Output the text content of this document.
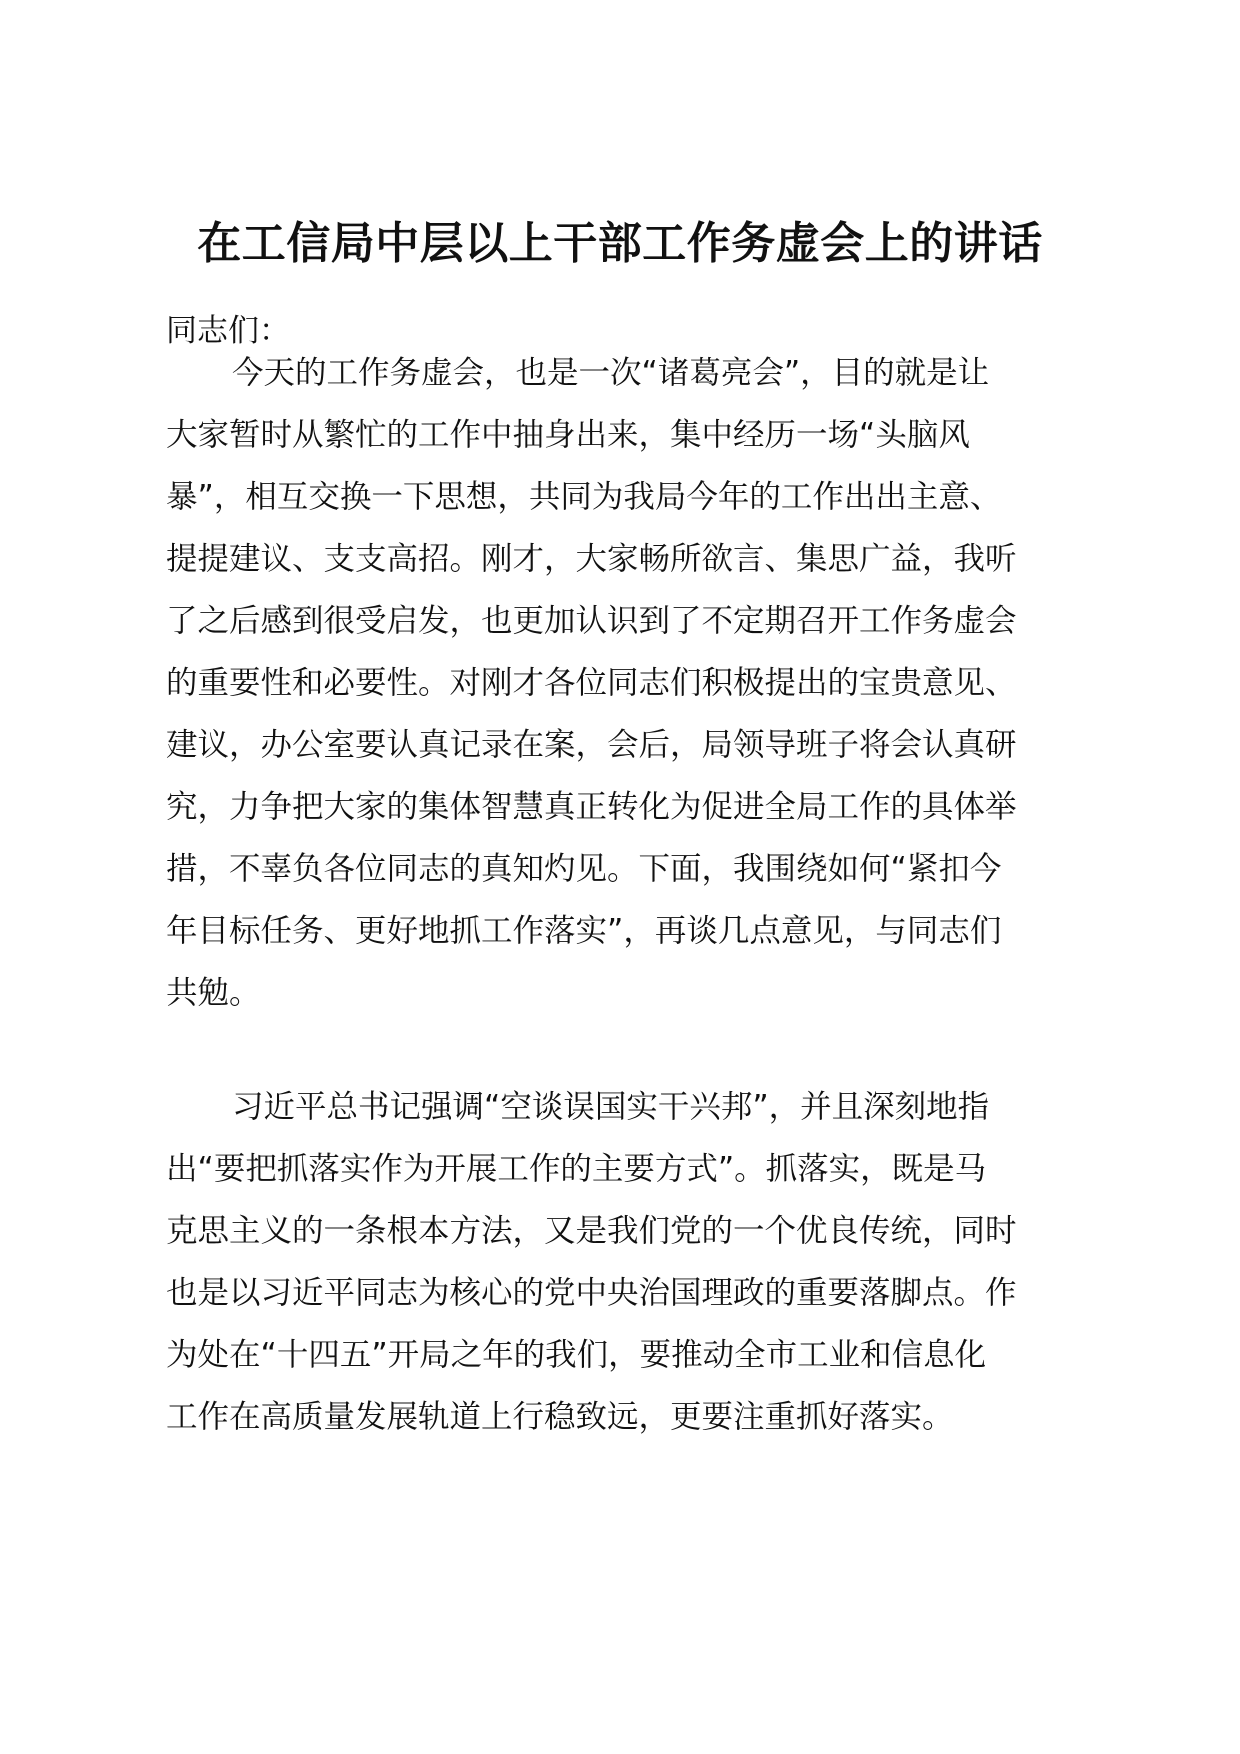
在工信局中层以上干部工作务虚会上的讲话
同志们：
今天的工作务虚会，也是一次“诸葛亮会”，目的就是让
大家暂时从繁忙的工作中抽身出来，集中经历一场“头脑风
暴”，相互交换一下思想，共同为我局今年的工作出出主意、
提提建议、支支高招。刚才，大家畅所欲言、集思广益，我听
了之后感到很受启发，也更加认识到了不定期召开工作务虚会
的重要性和必要性。对刚才各位同志们积极提出的宝贵意见、
建议，办公室要认真记录在案，会后，局领导班子将会认真研
究，力争把大家的集体智慧真正转化为促进全局工作的具体举
措，不辜负各位同志的真知灼见。下面，我围绕如何“紧扣今
年目标任务、更好地抓工作落实”，再谈几点意见，与同志们
共勉。
习近平总书记强调“空谈误国实干兴邦”，并且深刻地指
出“要把抓落实作为开展工作的主要方式”。抓落实，既是马
克思主义的一条根本方法，又是我们党的一个优良传统，同时
也是以习近平同志为核心的党中央治国理政的重要落脚点。作
为处在“十四五”开局之年的我们，要推动全市工业和信息化
工作在高质量发展轨道上行稳致远，更要注重抓好落实。
